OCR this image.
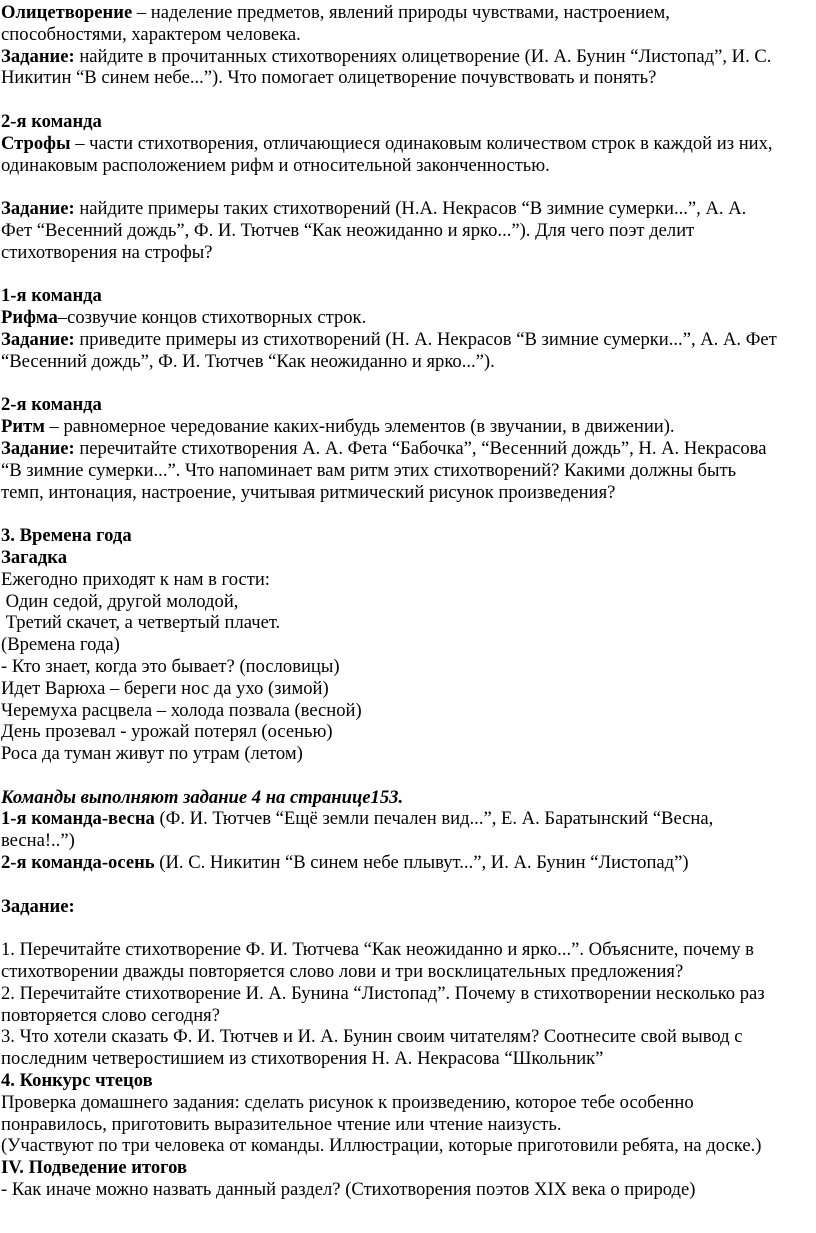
Олицетворение – наделение предметов, явлений природы чувствами, настроением,

способностями, характером человека.

Задание: найдите в прочитанных стихотворениях олицетворение (И. А. Бунин “Листопад”, И. С.

Никитин “В синем небе...”). Что помогает олицетворение почувствовать и понять?

2-я команда

Строфы – части стихотворения, отличающиеся одинаковым количеством строк в каждой из них,

одинаковым расположением рифм и относительной законченностью.

Задание: найдите примеры таких стихотворений (Н.А. Некрасов “В зимние сумерки...”, А. А.

Фет “Весенний дождь”, Ф. И. Тютчев “Как неожиданно и ярко...”). Для чего поэт делит

стихотворения на строфы?

1-я команда

Рифма–созвучие концов стихотворных строк.

Задание: приведите примеры из стихотворений (Н. А. Некрасов “В зимние сумерки...”, А. А. Фет

“Весенний дождь”, Ф. И. Тютчев “Как неожиданно и ярко...”).

2-я команда

Ритм – равномерное чередование каких-нибудь элементов (в звучании, в движении).

Задание: перечитайте стихотворения А. А. Фета “Бабочка”, “Весенний дождь”, Н. А. Некрасова

“В зимние сумерки...”. Что напоминает вам ритм этих стихотворений? Какими должны быть

темп, интонация, настроение, учитывая ритмический рисунок произведения?

3. Времена года

Загадка

Ежегодно приходят к нам в гости:

Один седой, другой молодой,

Третий скачет, а четвертый плачет.

(Времена года)

- Кто знает, когда это бывает? (пословицы)

Идет Варюха – береги нос да ухо (зимой)

Черемуха расцвела – холода позвала (весной)

День прозевал - урожай потерял (осенью)

Роса да туман живут по утрам (летом)

Команды выполняют задание 4 на странице153.

1-я команда-весна (Ф. И. Тютчев “Ещё земли печален вид...”, Е. А. Баратынский “Весна,

весна!..”)

2-я команда-осень (И. С. Никитин “В синем небе плывут...”, И. А. Бунин “Листопад”)

Задание:

1. Перечитайте стихотворение Ф. И. Тютчева “Как неожиданно и ярко...”. Объясните, почему в

стихотворении дважды повторяется слово лови и три восклицательных предложения?

2. Перечитайте стихотворение И. А. Бунина “Листопад”. Почему в стихотворении несколько раз

повторяется слово сегодня?

3. Что хотели сказать Ф. И. Тютчев и И. А. Бунин своим читателям? Соотнесите свой вывод с

последним четверостишием из стихотворения Н. А. Некрасова “Школьник”

4. Конкурс чтецов

Проверка домашнего задания: сделать рисунок к произведению, которое тебе особенно

понравилось, приготовить выразительное чтение или чтение наизусть.

(Участвуют по три человека от команды. Иллюстрации, которые приготовили ребята, на доске.)

IV. Подведение итогов

- Как иначе можно назвать данный раздел? (Стихотворения поэтов XIX века о природе)
